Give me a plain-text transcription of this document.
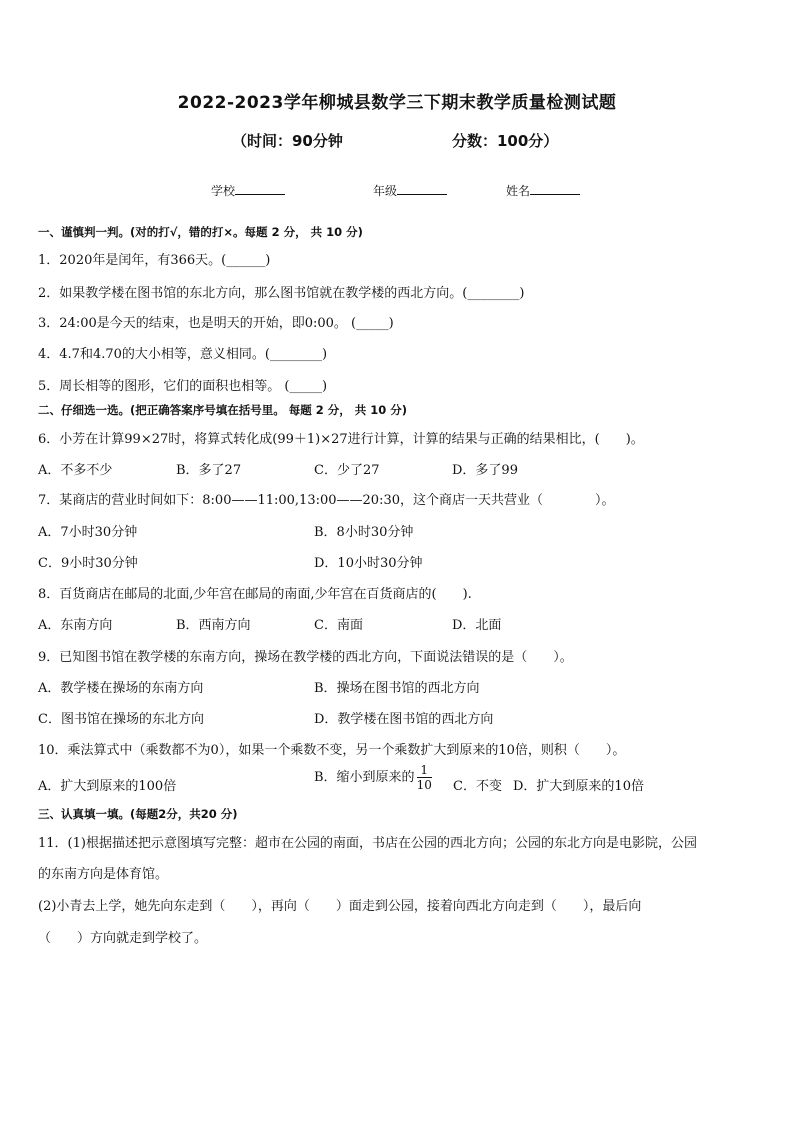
2022-2023学年柳城县数学三下期末教学质量检测试题
（时间：90分钟	分数：100分）
学校	年级	姓名
一、谨慎判一判。(对的打√，错的打×。每题 2 分， 共 10 分)
1．2020年是闰年，有366天。(______)
2．如果教学楼在图书馆的东北方向，那么图书馆就在教学楼的西北方向。(________)
3．24:00是今天的结束，也是明天的开始，即0:00。 (_____)
4．4.7和4.70的大小相等，意义相同。(________)
5．周长相等的图形，它们的面积也相等。 (_____)
二、仔细选一选。(把正确答案序号填在括号里。 每题 2 分， 共 10 分)
6．小芳在计算99×27时，将算式转化成(99＋1)×27进行计算，计算的结果与正确的结果相比，(　　)。
A．不多不少	B．多了27	C．少了27	D．多了99
7．某商店的营业时间如下：8:00——11:00,13:00——20:30，这个商店一天共营业（　　　　）。
A．7小时30分钟	B．8小时30分钟
C．9小时30分钟	D．10小时30分钟
8．百货商店在邮局的北面,少年宫在邮局的南面,少年宫在百货商店的(　　).
A．东南方向	B．西南方向	C．南面	D．北面
9．已知图书馆在教学楼的东南方向，操场在教学楼的西北方向，下面说法错误的是（　　）。
A．教学楼在操场的东南方向	B．操场在图书馆的西北方向
C．图书馆在操场的东北方向	D．教学楼在图书馆的西北方向
10．乘法算式中（乘数都不为0），如果一个乘数不变，另一个乘数扩大到原来的10倍，则积（　　）。
A．扩大到原来的100倍
B．缩小到原来的 $\frac{1}{10}$ C．不变 D．扩大到原来的10倍
三、认真填一填。(每题2分，共20 分)
11．(1)根据描述把示意图填写完整：超市在公园的南面，书店在公园的西北方向；公园的东北方向是电影院，公园
的东南方向是体育馆。
(2)小青去上学，她先向东走到（　　），再向（　　）面走到公园，接着向西北方向走到（　　），最后向
（　　）方向就走到学校了。
